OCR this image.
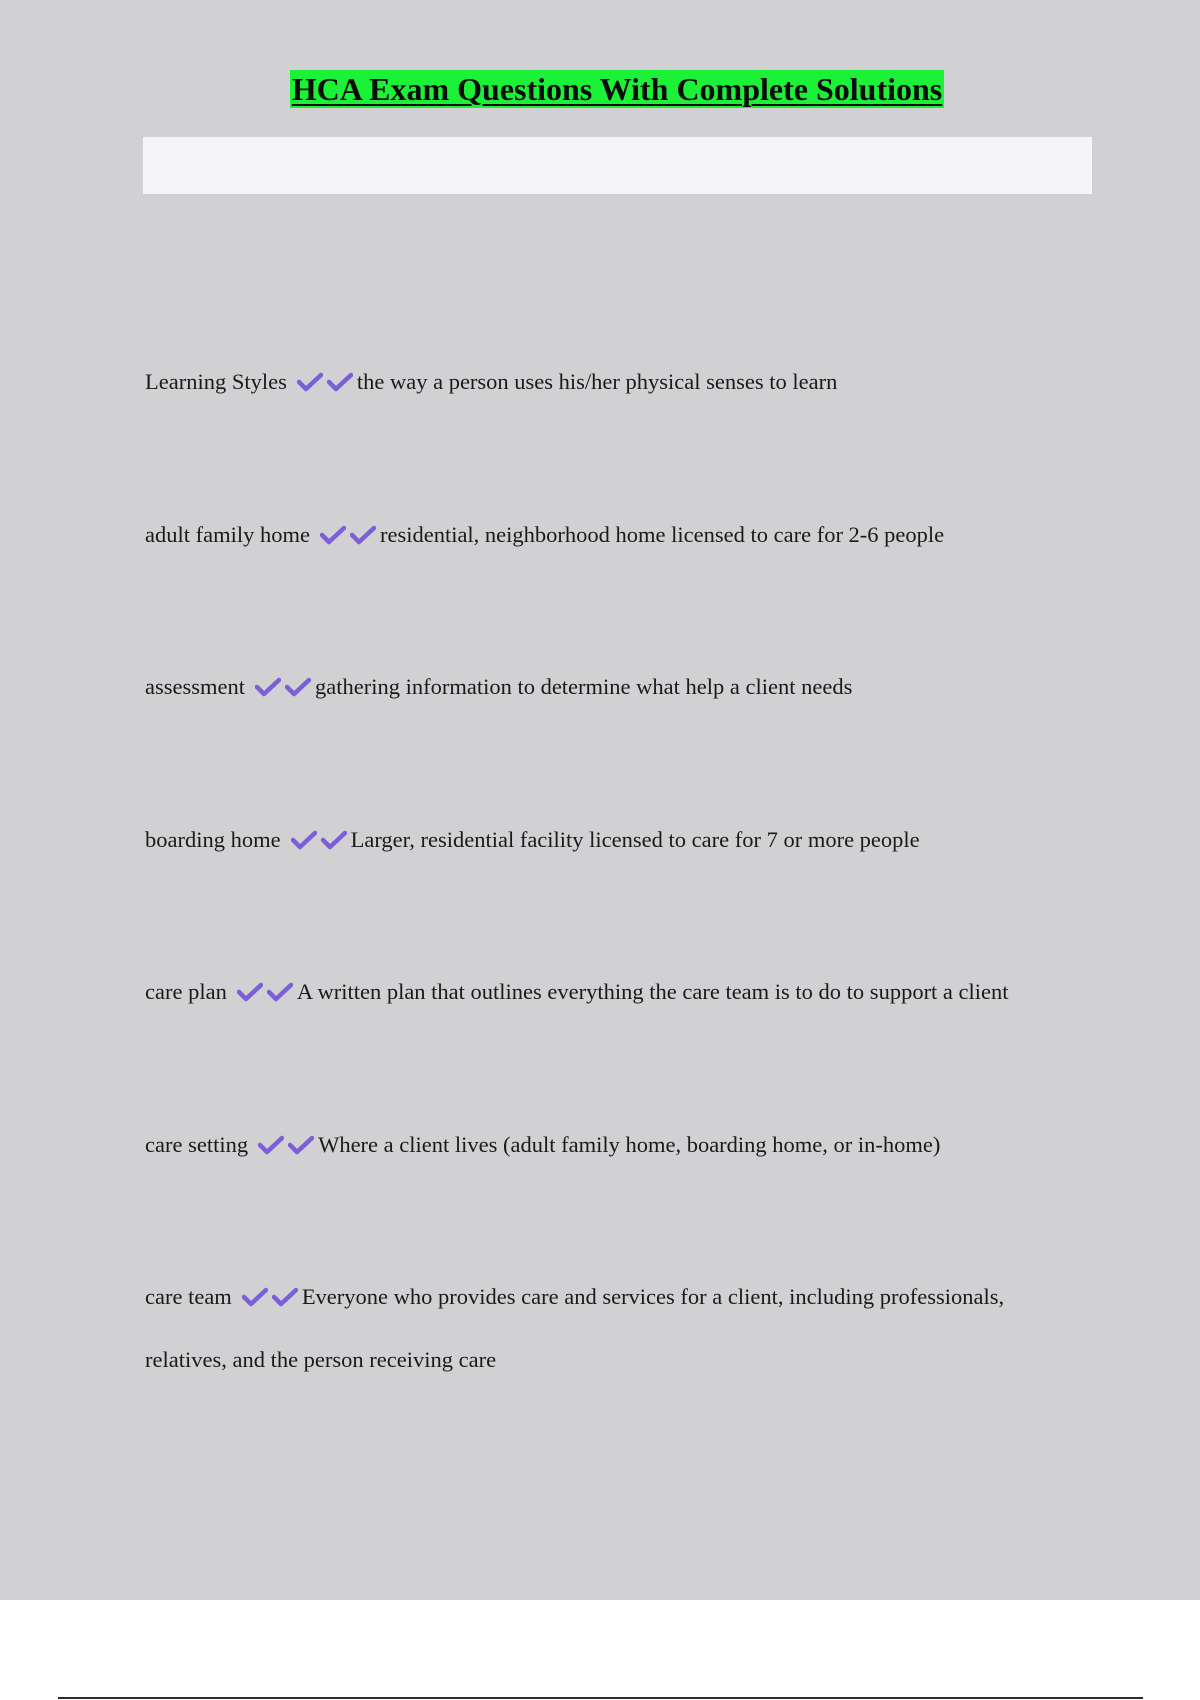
HCA Exam Questions With Complete Solutions
Learning Styles	the way a person uses his/her physical senses to learn
adult family home	residential, neighborhood home licensed to care for 2-6 people
assessment	gathering information to determine what help a client needs
boarding home	Larger, residential facility licensed to care for 7 or more people
care plan	A written plan that outlines everything the care team is to do to support a client
care setting	Where a client lives (adult family home, boarding home, or in-home)
care team	Everyone who provides care and services for a client, including professionals, relatives, and the person receiving care
